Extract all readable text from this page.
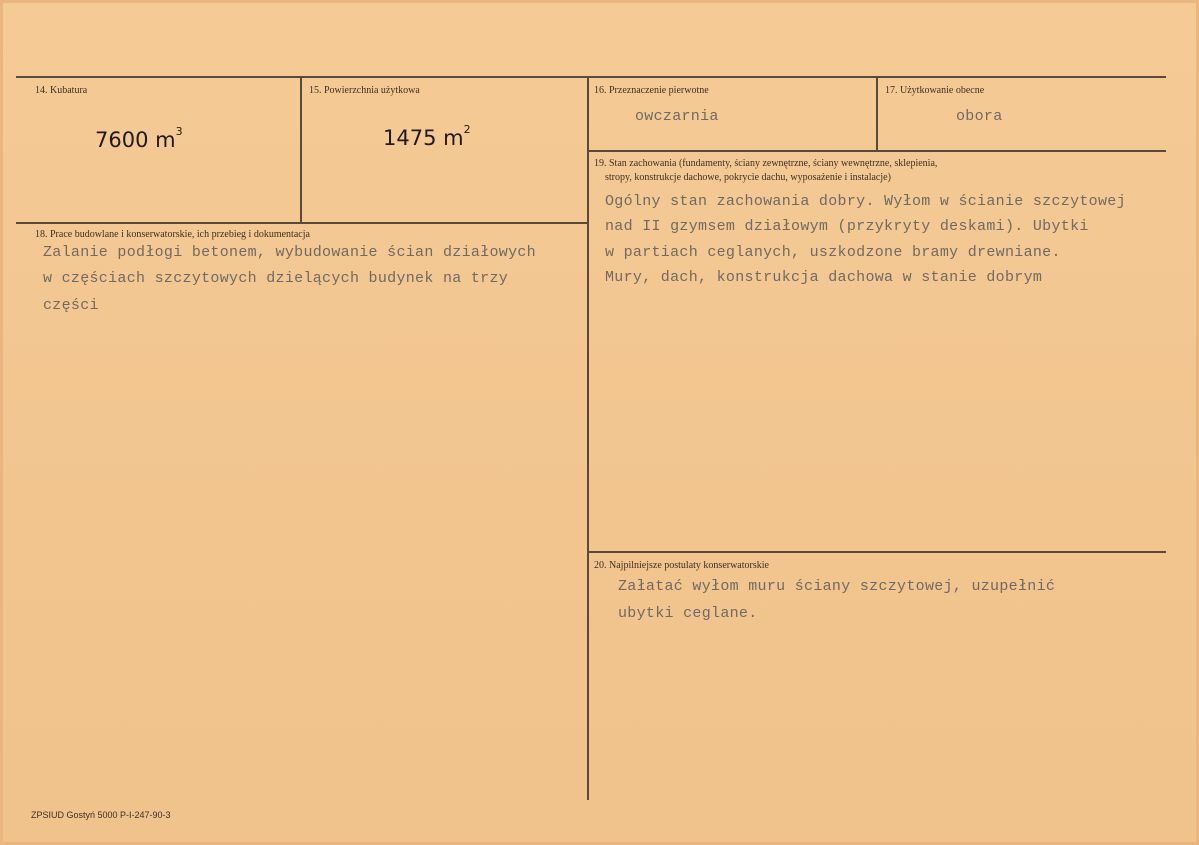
14. Kubatura
7600 $m^3$
15. Powierzchnia użytkowa
1475 $m^2$
16. Przeznaczenie pierwotne
owczarnia
17. Użytkowanie obecne
obora
19. Stan zachowania (fundamenty, ściany zewnętrzne, ściany wewnętrzne, sklepienia,
stropy, konstrukcje dachowe, pokrycie dachu, wyposażenie i instalacje)
Ogólny stan zachowania dobry. Wyłom w ścianie szczytowej
nad II gzymsem działowym (przykryty deskami). Ubytki
w partiach ceglanych, uszkodzone bramy drewniane.
Mury, dach, konstrukcja dachowa w stanie dobrym
18. Prace budowlane i konserwatorskie, ich przebieg i dokumentacja
Zalanie podłogi betonem, wybudowanie ścian działowych
w częściach szczytowych dzielących budynek na trzy
części
20. Najpilniejsze postulaty konserwatorskie
Załatać wyłom muru ściany szczytowej, uzupełnić
ubytki ceglane.
ZPSIUD Gostyń 5000 P-I-247-90-3
